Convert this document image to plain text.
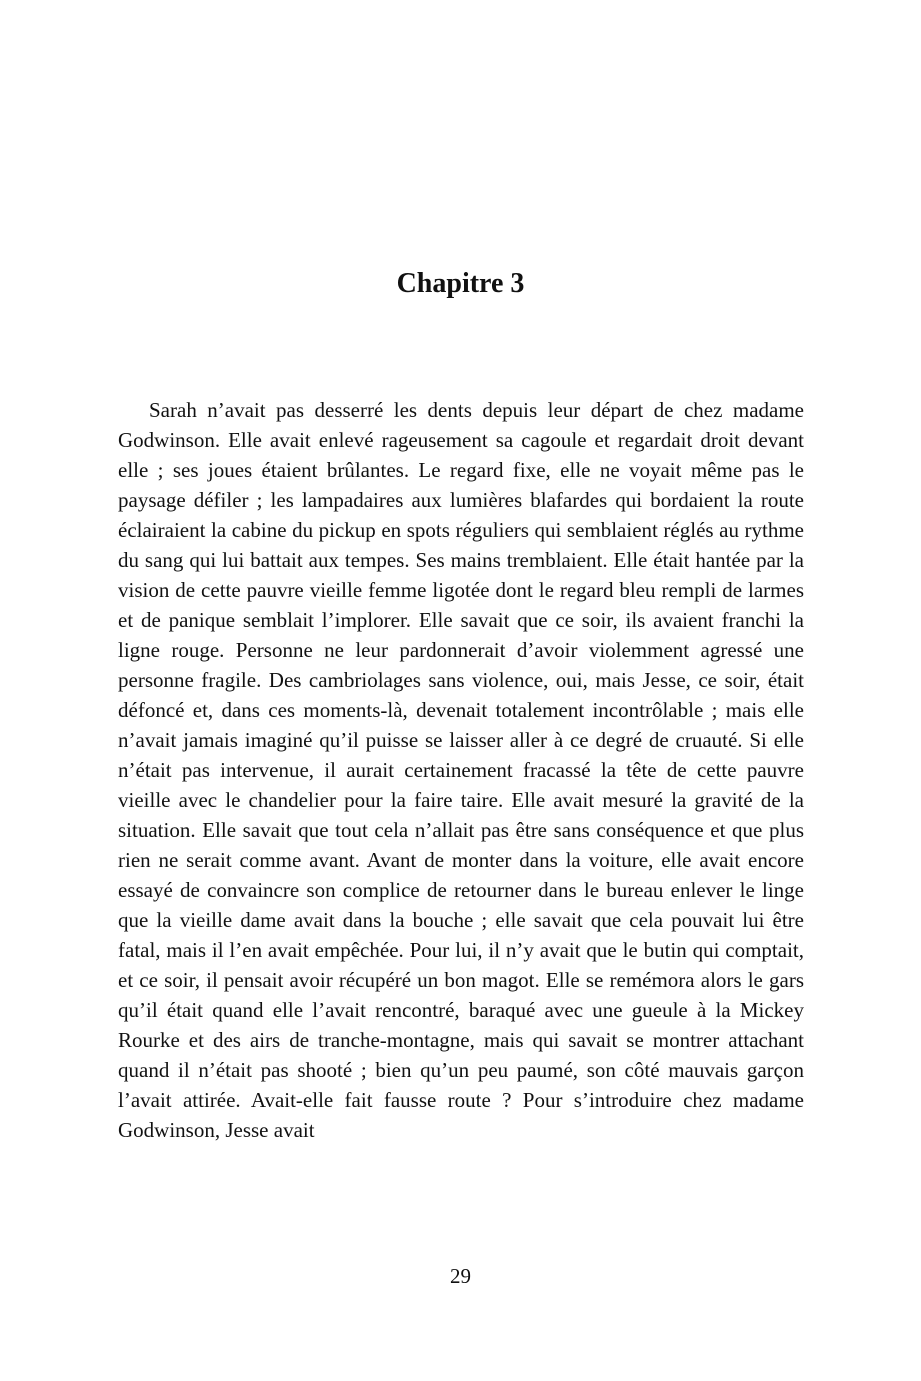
Chapitre 3

Sarah n’avait pas desserré les dents depuis leur départ de chez madame Godwinson. Elle avait enlevé rageusement sa cagoule et regardait droit devant elle ; ses joues étaient brûlantes. Le regard fixe, elle ne voyait même pas le paysage défiler ; les lampadaires aux lumières blafardes qui bordaient la route éclairaient la cabine du pickup en spots réguliers qui semblaient réglés au rythme du sang qui lui battait aux tempes. Ses mains tremblaient. Elle était hantée par la vision de cette pauvre vieille femme ligotée dont le regard bleu rempli de larmes et de panique semblait l’implorer. Elle savait que ce soir, ils avaient franchi la ligne rouge. Personne ne leur pardonnerait d’avoir violemment agressé une personne fragile. Des cambriolages sans violence, oui, mais Jesse, ce soir, était défoncé et, dans ces moments-là, devenait totalement incontrôlable ; mais elle n’avait jamais imaginé qu’il puisse se laisser aller à ce degré de cruauté. Si elle n’était pas intervenue, il aurait certainement fracassé la tête de cette pauvre vieille avec le chandelier pour la faire taire. Elle avait mesuré la gravité de la situation. Elle savait que tout cela n’allait pas être sans conséquence et que plus rien ne serait comme avant. Avant de monter dans la voiture, elle avait encore essayé de convaincre son complice de retourner dans le bureau enlever le linge que la vieille dame avait dans la bouche ; elle savait que cela pouvait lui être fatal, mais il l’en avait empêchée. Pour lui, il n’y avait que le butin qui comptait, et ce soir, il pensait avoir récupéré un bon magot. Elle se remémora alors le gars qu’il était quand elle l’avait rencontré, baraqué avec une gueule à la Mickey Rourke et des airs de tranche-montagne, mais qui savait se montrer attachant quand il n’était pas shooté ; bien qu’un peu paumé, son côté mauvais garçon l’avait attirée. Avait-elle fait fausse route ? Pour s’introduire chez madame Godwinson, Jesse avait

29
